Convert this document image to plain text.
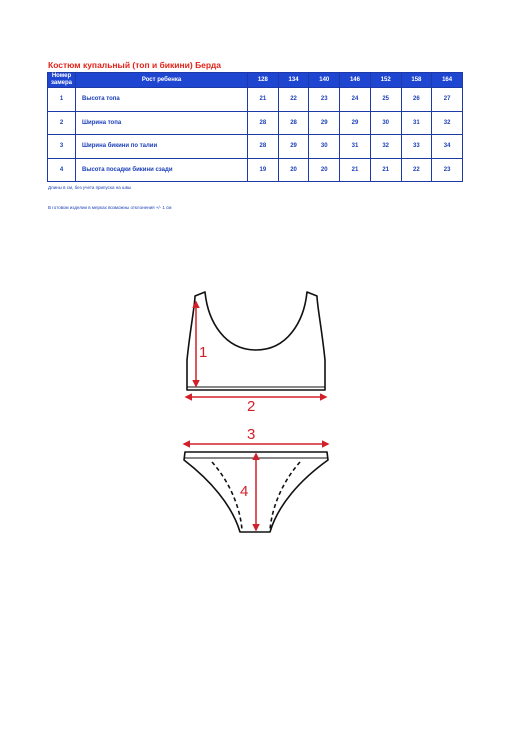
Костюм купальный (топ и бикини) Берда
Номер замера	Рост ребенка	128	134	140	146	152	158	164
1	Высота топа	21	22	23	24	25	26	27
2	Ширина топа	28	28	29	29	30	31	32
3	Ширина бикини по талии	28	29	30	31	32	33	34
4	Высота посадки бикини сзади	19	20	20	21	21	22	23
Длины в см, без учета припуска на швы
В готовом изделии в мерках возможны отклонения +/- 1 см
1
2
3
4
